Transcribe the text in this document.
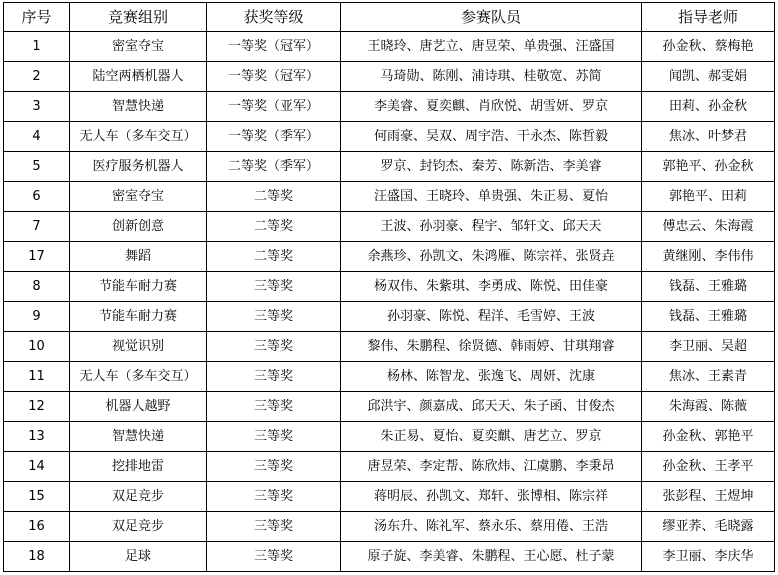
序号	竞赛组别	获奖等级	参赛队员	指导老师
1	密室夺宝	一等奖（冠军）	王晓玲、唐艺立、唐昱荣、单贵强、汪盛国	孙金秋、蔡梅艳
2	陆空两栖机器人	一等奖（冠军）	马琦勋、陈刚、浦诗琪、桂敬宽、苏简	闻凯、郝雯娟
3	智慧快递	一等奖（亚军）	李美睿、夏奕麒、肖欣悦、胡雪妍、罗京	田莉、孙金秋
4	无人车（多车交互）	一等奖（季军）	何雨豪、吴双、周宇浩、干永杰、陈哲毅	焦冰、叶梦君
5	医疗服务机器人	二等奖（季军）	罗京、封钧杰、秦芳、陈新浩、李美睿	郭艳平、孙金秋
6	密室夺宝	二等奖	汪盛国、王晓玲、单贵强、朱正易、夏怡	郭艳平、田莉
7	创新创意	二等奖	王波、孙羽豪、程宇、邹轩文、邱天天	傅忠云、朱海霞
17	舞蹈	二等奖	余燕珍、孙凯文、朱鸿雁、陈宗祥、张贤垚	黄继刚、李伟伟
8	节能车耐力赛	三等奖	杨双伟、朱紫琪、李勇成、陈悦、田佳豪	钱磊、王雅璐
9	节能车耐力赛	三等奖	孙羽豪、陈悦、程洋、毛雪婷、王波	钱磊、王雅璐
10	视觉识别	三等奖	黎伟、朱鹏程、徐贤德、韩雨婷、甘琪翔睿	李卫丽、吴超
11	无人车（多车交互）	三等奖	杨林、陈智龙、张逸飞、周妍、沈康	焦冰、王素青
12	机器人越野	三等奖	邱洪宇、颜嘉成、邱天天、朱子函、甘俊杰	朱海霞、陈薇
13	智慧快递	三等奖	朱正易、夏怡、夏奕麒、唐艺立、罗京	孙金秋、郭艳平
14	挖排地雷	三等奖	唐昱荣、李定帮、陈欣炜、江虞鹏、李秉昂	孙金秋、王孝平
15	双足竞步	三等奖	蒋明辰、孙凯文、郑轩、张博相、陈宗祥	张彭程、王煜坤
16	双足竞步	三等奖	汤东升、陈礼军、蔡永乐、蔡用倦、王浩	缪亚荞、毛晓露
18	足球	三等奖	原子旋、李美睿、朱鹏程、王心愿、杜子蒙	李卫丽、李庆华
